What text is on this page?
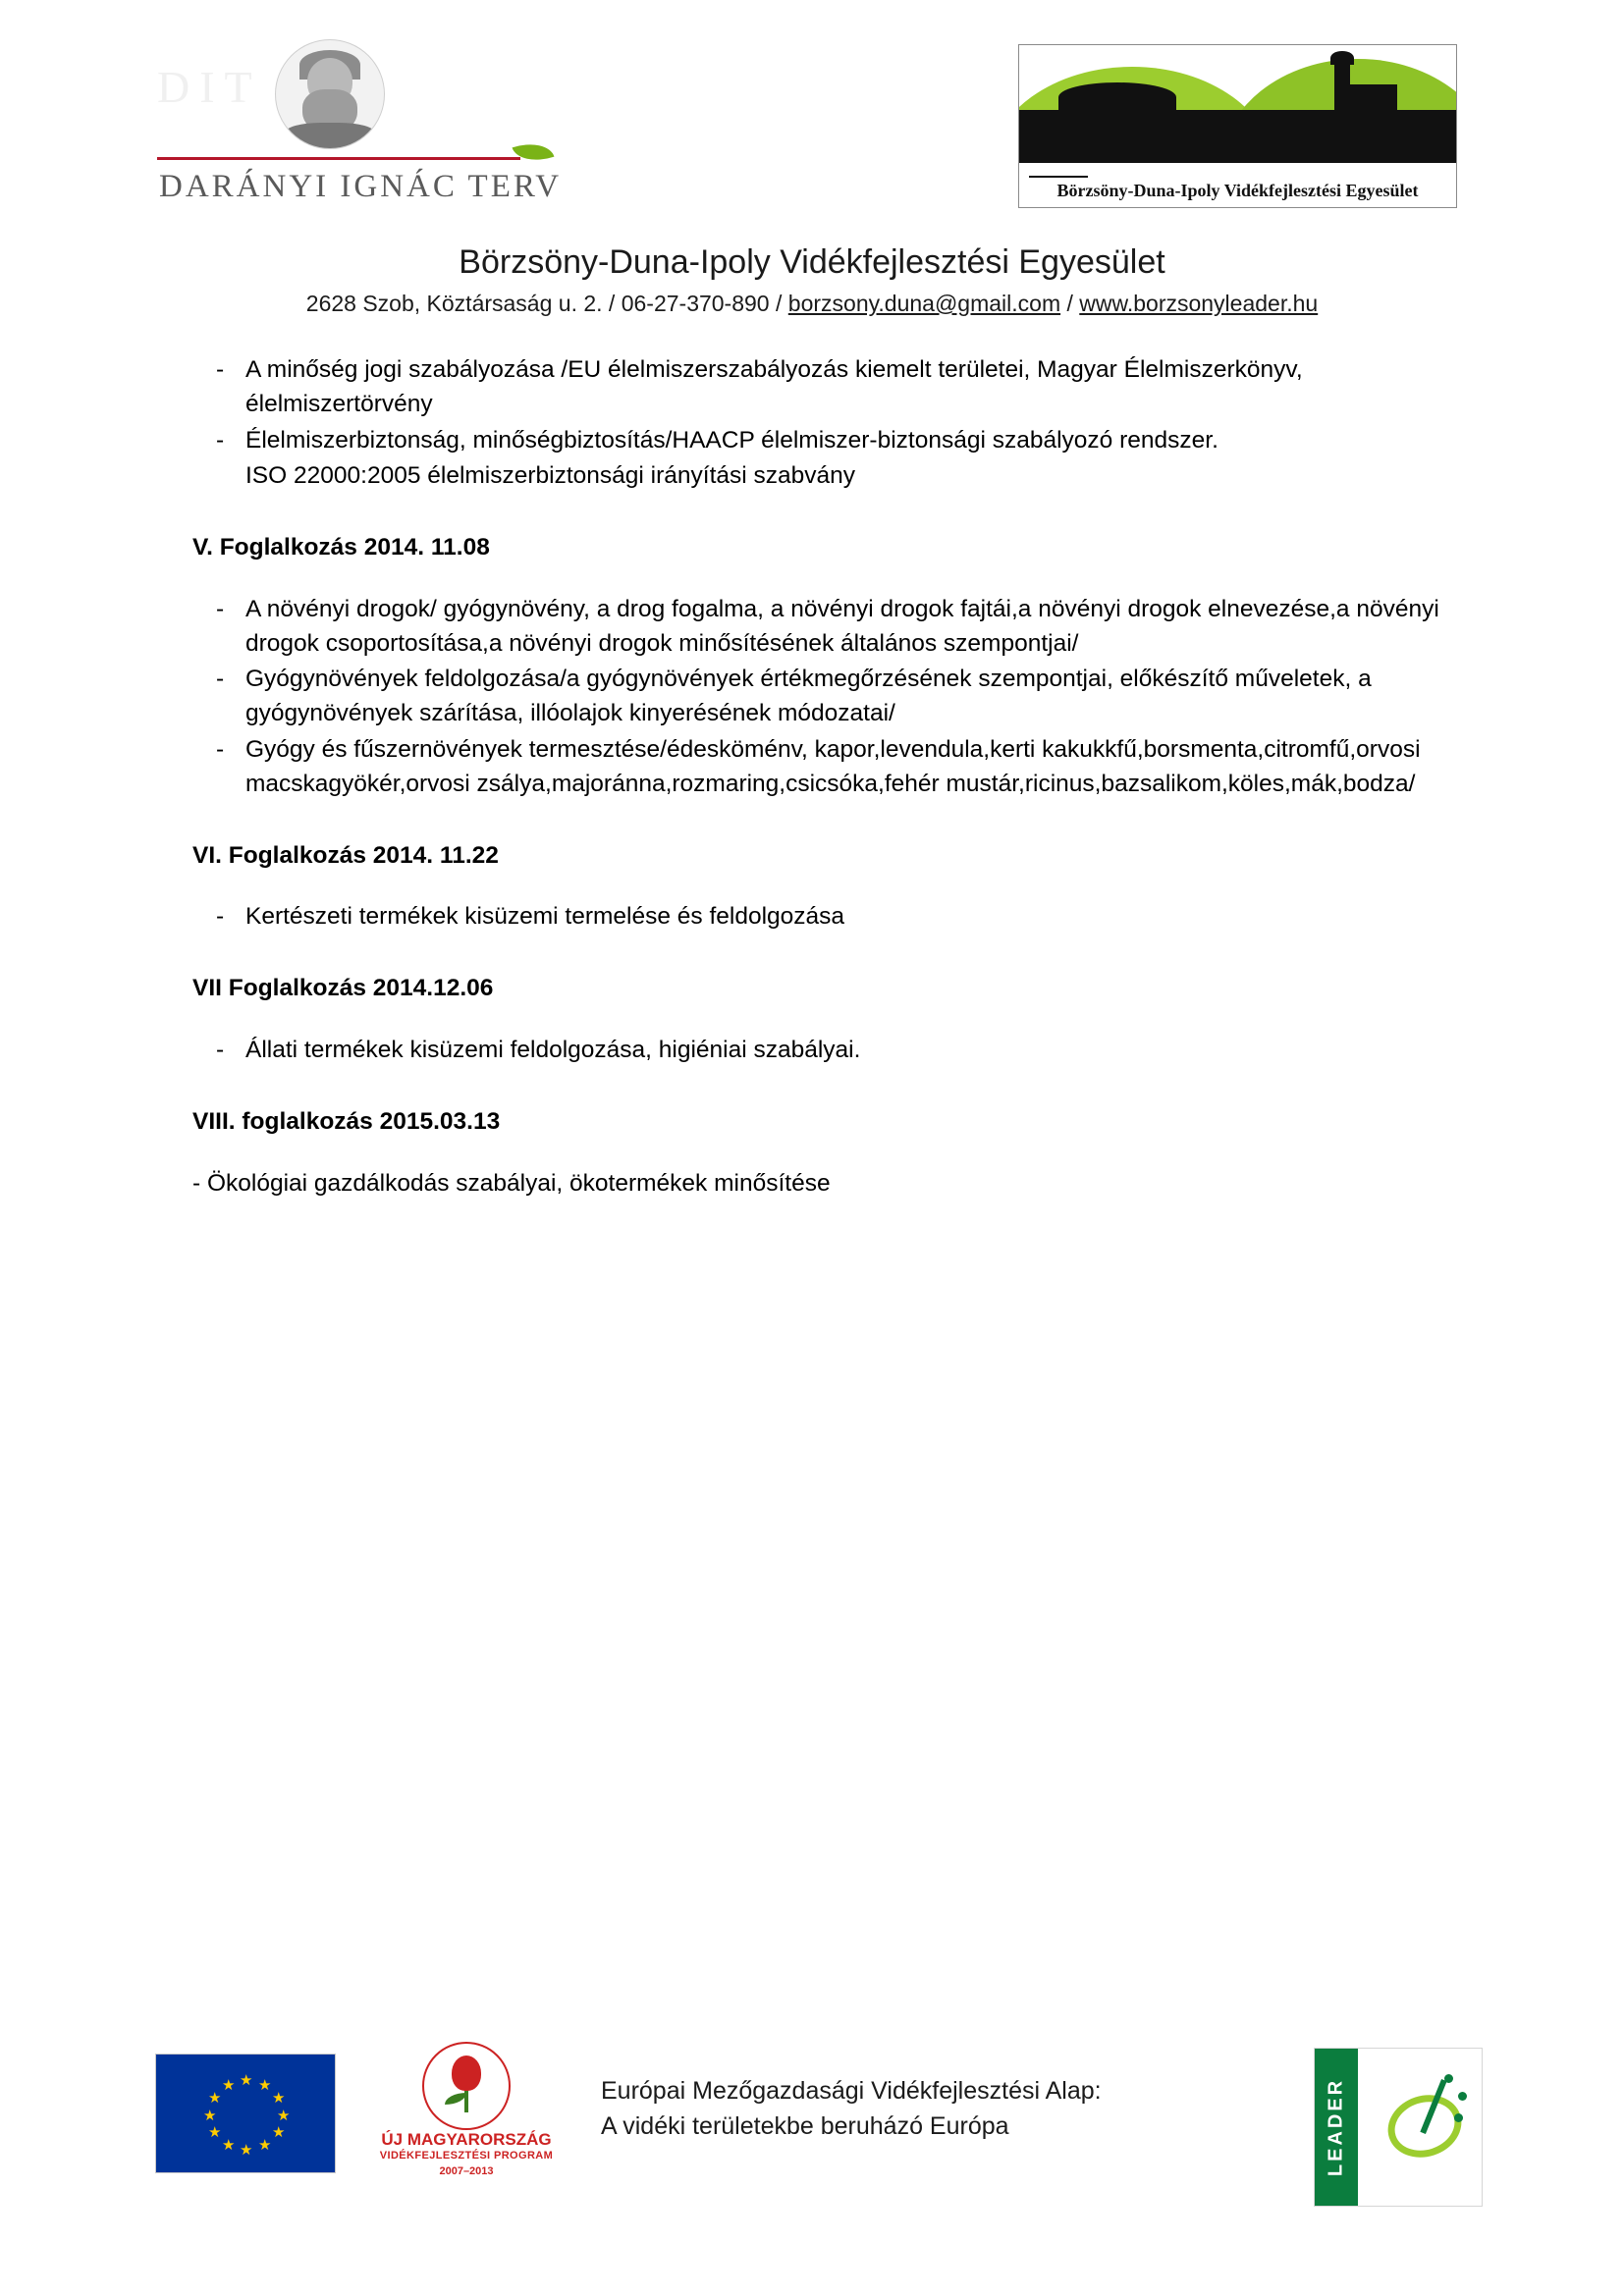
DIT
DARÁNYI IGNÁC TERV	Börzsöny-Duna-Ipoly Vidékfejlesztési Egyesület
Börzsöny-Duna-Ipoly Vidékfejlesztési Egyesület
2628 Szob, Köztársaság u. 2. / 06-27-370-890 / borzsony.duna@gmail.com / www.borzsonyleader.hu
- A minőség jogi szabályozása /EU élelmiszerszabályozás kiemelt területei, Magyar Élelmiszerkönyv, élelmiszertörvény
- Élelmiszerbiztonság, minőségbiztosítás/HAACP élelmiszer-biztonsági szabályozó rendszer.
ISO 22000:2005 élelmiszerbiztonsági irányítási szabvány
V. Foglalkozás 2014. 11.08
- A növényi drogok/ gyógynövény, a drog fogalma, a növényi drogok fajtái,a növényi drogok elnevezése,a növényi drogok csoportosítása,a növényi drogok minősítésének általános szempontjai/
- Gyógynövények feldolgozása/a gyógynövények értékmegőrzésének szempontjai, előkészítő műveletek, a gyógynövények szárítása, illóolajok kinyerésének módozatai/
- Gyógy és fűszernövények termesztése/édesköménv, kapor,levendula,kerti kakukkfű,borsmenta,citromfű,orvosi macskagyökér,orvosi zsálya,majoránna,rozmaring,csicsóka,fehér mustár,ricinus,bazsalikom,köles,mák,bodza/
VI. Foglalkozás 2014. 11.22
- Kertészeti termékek kisüzemi termelése és feldolgozása
VII Foglalkozás 2014.12.06
- Állati termékek kisüzemi feldolgozása, higiéniai szabályai.
VIII. foglalkozás 2015.03.13
- Ökológiai gazdálkodás szabályai, ökotermékek minősítése
★ ★
★
★
★
★
★
★
★
★
★
★
ÚJ MAGYARORSZÁG
VIDÉKFEJLESZTÉSI PROGRAM
2007–2013
Európai Mezőgazdasági Vidékfejlesztési Alap:
A vidéki területekbe beruházó Európa	LEADER
